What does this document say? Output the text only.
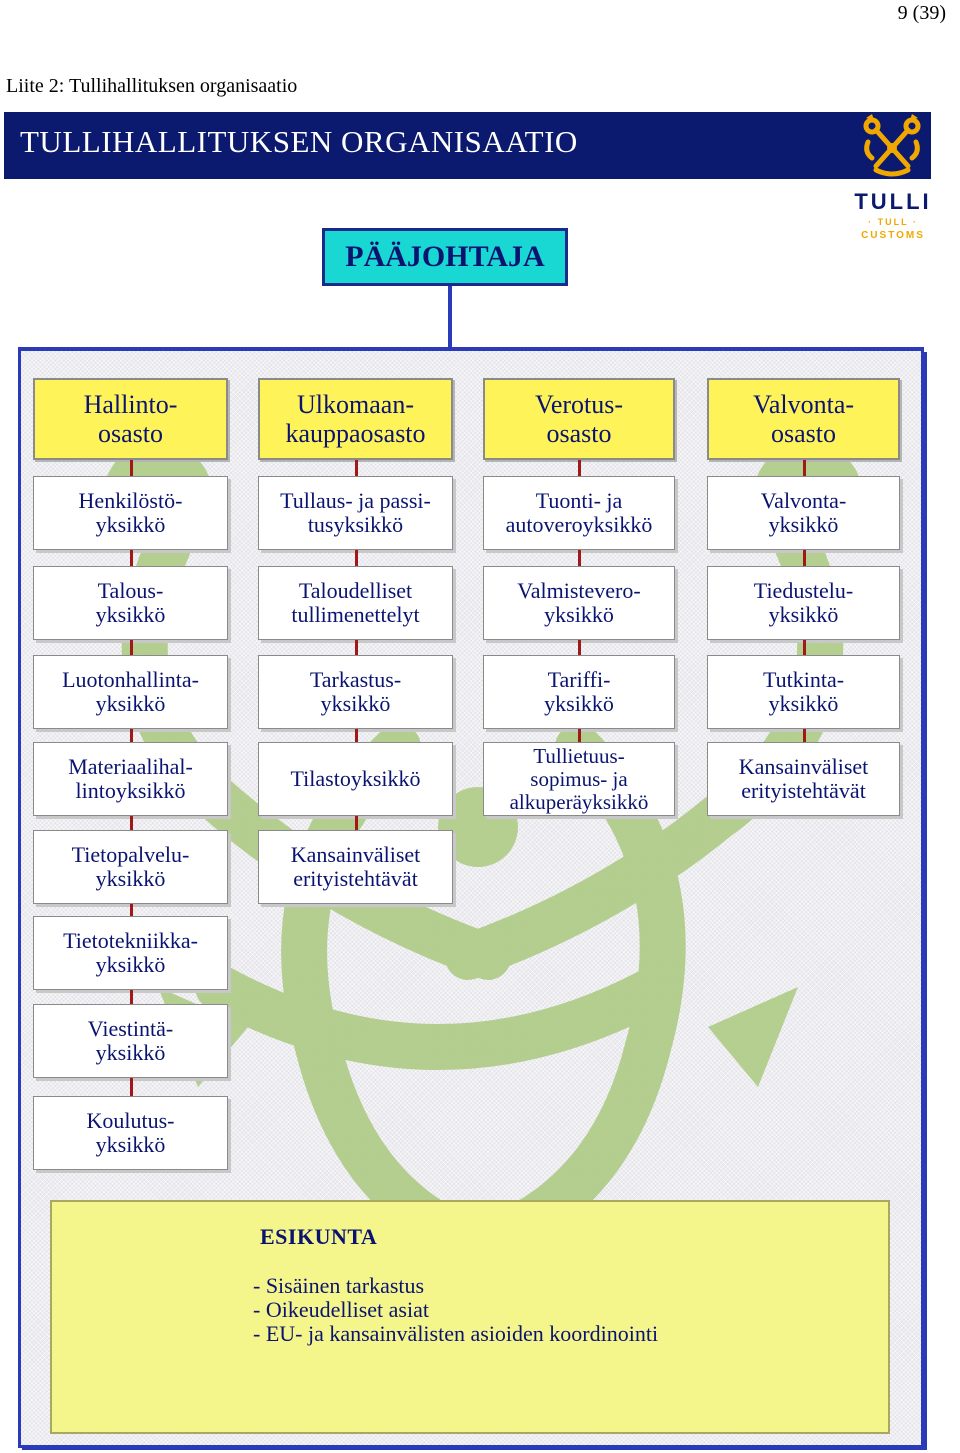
9 (39)
Liite 2: Tullihallituksen organisaatio
TULLIHALLITUKSEN ORGANISAATIO
TULLI
· TULL ·
CUSTOMS
PÄÄJOHTAJA
Hallinto-
osasto
Henkilöstö-
yksikkö
Talous-
yksikkö
Luotonhallinta-
yksikkö
Materiaalihal-
lintoyksikkö
Tietopalvelu-
yksikkö
Tietotekniikka-
yksikkö
Viestintä-
yksikkö
Koulutus-
yksikkö
Ulkomaan-
kauppaosasto
Tullaus- ja passi-
tusyksikkö
Taloudelliset
tullimenettelyt
Tarkastus-
yksikkö
Tilastoyksikkö
Kansainväliset
erityistehtävät
Verotus-
osasto
Tuonti- ja
autoveroyksikkö
Valmistevero-
yksikkö
Tariffi-
yksikkö
Tullietuus-
sopimus- ja
alkuperäyksikkö
Valvonta-
osasto
Valvonta-
yksikkö
Tiedustelu-
yksikkö
Tutkinta-
yksikkö
Kansainväliset
erityistehtävät
ESIKUNTA
- Sisäinen tarkastus
- Oikeudelliset asiat
- EU- ja kansainvälisten asioiden koordinointi
